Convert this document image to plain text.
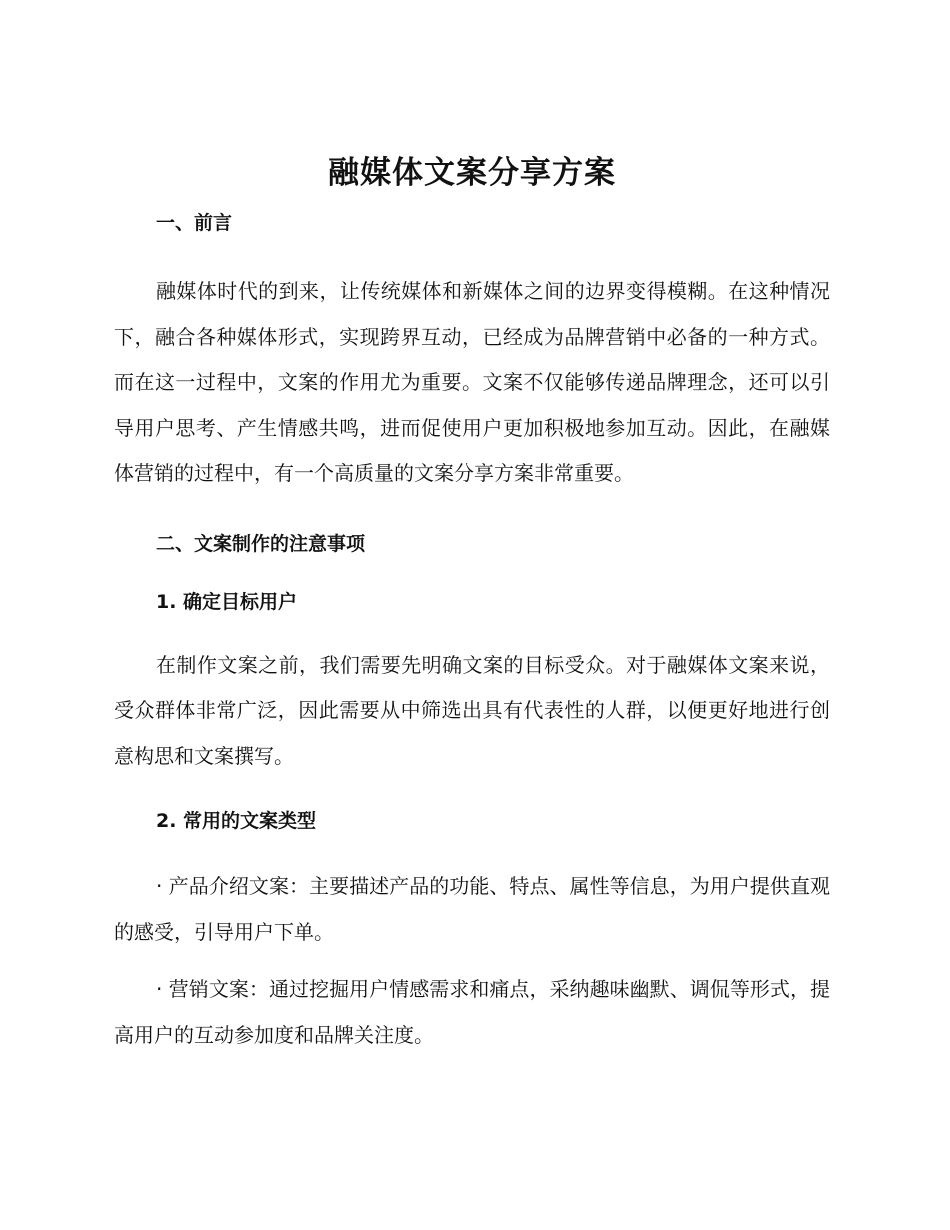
融媒体文案分享方案
一、前言

融媒体时代的到来，让传统媒体和新媒体之间的边界变得模糊。在这种情况下，融合各种媒体形式，实现跨界互动，已经成为品牌营销中必备的一种方式。而在这一过程中，文案的作用尤为重要。文案不仅能够传递品牌理念，还可以引导用户思考、产生情感共鸣，进而促使用户更加积极地参加互动。因此，在融媒体营销的过程中，有一个高质量的文案分享方案非常重要。

二、文案制作的注意事项
1. 确定目标用户

在制作文案之前，我们需要先明确文案的目标受众。对于融媒体文案来说，受众群体非常广泛，因此需要从中筛选出具有代表性的人群，以便更好地进行创意构思和文案撰写。

2. 常用的文案类型

· 产品介绍文案：主要描述产品的功能、特点、属性等信息，为用户提供直观的感受，引导用户下单。

· 营销文案：通过挖掘用户情感需求和痛点，采纳趣味幽默、调侃等形式，提高用户的互动参加度和品牌关注度。
